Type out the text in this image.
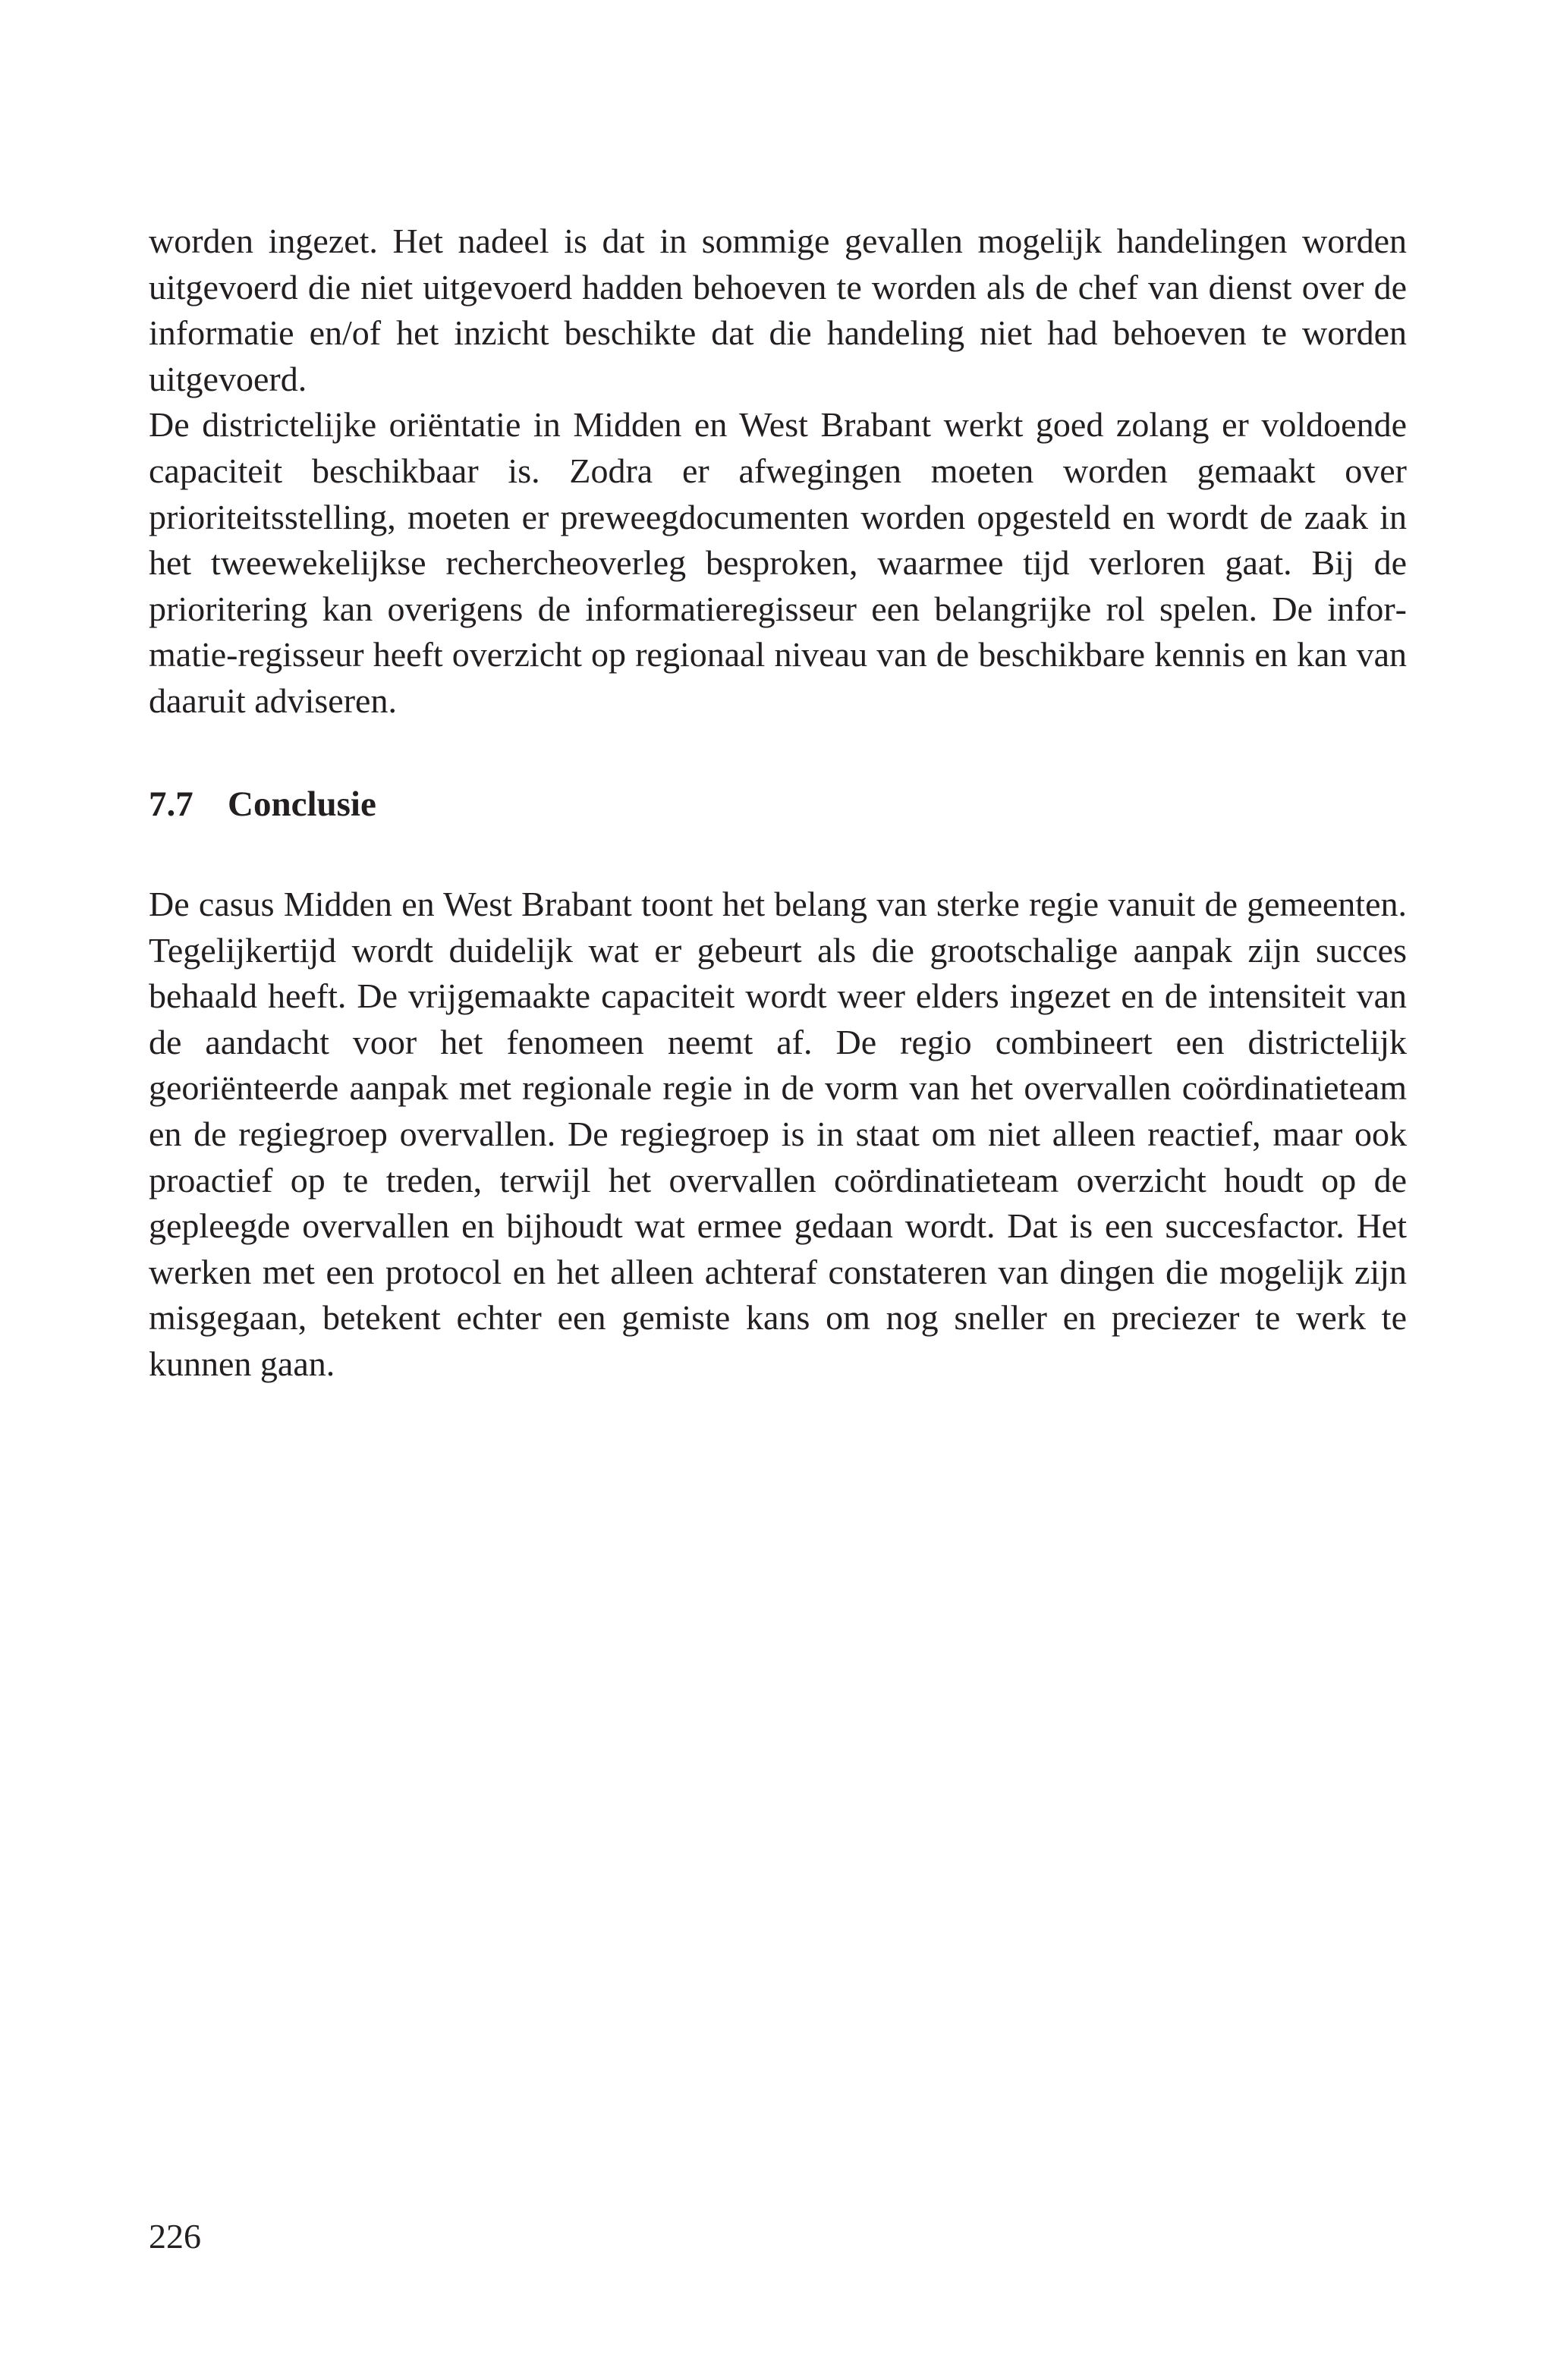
worden ingezet. Het nadeel is dat in sommige gevallen mogelijk handelingen worden uitgevoerd die niet uitgevoerd hadden behoeven te worden als de chef van dienst over de informatie en/of het inzicht beschikte dat die handeling niet had behoeven te worden uitgevoerd.

De districtelijke oriëntatie in Midden en West Brabant werkt goed zolang er voldoende capaciteit beschikbaar is. Zodra er afwegingen moeten worden gemaakt over prioriteitsstelling, moeten er preweegdocumenten worden opgesteld en wordt de zaak in het tweewekelijkse rechercheoverleg besproken, waarmee tijd verloren gaat. Bij de prioritering kan overigens de informatieregisseur een belangrijke rol spelen. De informatie-regisseur heeft overzicht op regionaal niveau van de beschikbare kennis en kan van daaruit adviseren.

7.7 Conclusie

De casus Midden en West Brabant toont het belang van sterke regie vanuit de gemeenten. Tegelijkertijd wordt duidelijk wat er gebeurt als die grootschalige aanpak zijn succes behaald heeft. De vrijgemaakte capaciteit wordt weer elders ingezet en de intensiteit van de aandacht voor het fenomeen neemt af. De regio combineert een districtelijk georiënteerde aanpak met regionale regie in de vorm van het overvallen coördinatieteam en de regiegroep overvallen. De regiegroep is in staat om niet alleen reactief, maar ook proactief op te treden, terwijl het overvallen coördinatieteam overzicht houdt op de gepleegde overvallen en bijhoudt wat ermee gedaan wordt. Dat is een succesfactor. Het werken met een protocol en het alleen achteraf constateren van dingen die mogelijk zijn misgegaan, betekent echter een gemiste kans om nog sneller en preciezer te werk te kunnen gaan.

226
